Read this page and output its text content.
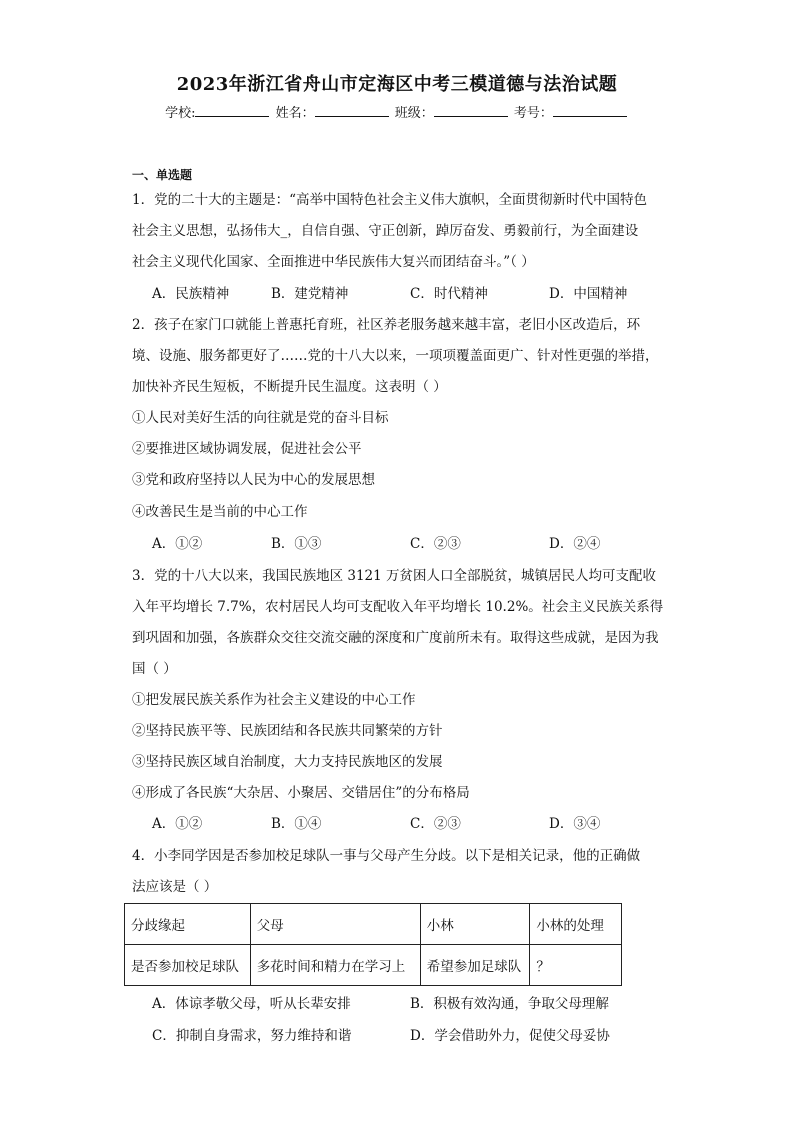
2023年浙江省舟山市定海区中考三模道德与法治试题
学校:	姓名：	班级：	考号：
一、单选题
1．党的二十大的主题是：“高举中国特色社会主义伟大旗帜，全面贯彻新时代中国特色
社会主义思想，弘扬伟大_，自信自强、守正创新，踔厉奋发、勇毅前行，为全面建设
社会主义现代化国家、全面推进中华民族伟大复兴而团结奋斗。”（ ）
A．民族精神	B．建党精神	C．时代精神	D．中国精神
2．孩子在家门口就能上普惠托育班，社区养老服务越来越丰富，老旧小区改造后，环
境、设施、服务都更好了……党的十八大以来，一项项覆盖面更广、针对性更强的举措，
加快补齐民生短板，不断提升民生温度。这表明（ ）
①人民对美好生活的向往就是党的奋斗目标
②要推进区域协调发展，促进社会公平
③党和政府坚持以人民为中心的发展思想
④改善民生是当前的中心工作
A．①②	B．①③	C．②③	D．②④
3．党的十八大以来，我国民族地区 3121 万贫困人口全部脱贫，城镇居民人均可支配收
入年平均增长 7.7%，农村居民人均可支配收入年平均增长 10.2%。社会主义民族关系得
到巩固和加强，各族群众交往交流交融的深度和广度前所未有。取得这些成就，是因为我
国（ ）
①把发展民族关系作为社会主义建设的中心工作
②坚持民族平等、民族团结和各民族共同繁荣的方针
③坚持民族区域自治制度，大力支持民族地区的发展
④形成了各民族“大杂居、小聚居、交错居住”的分布格局
A．①②	B．①④	C．②③	D．③④
4．小李同学因是否参加校足球队一事与父母产生分歧。以下是相关记录，他的正确做
法应该是（ ）
分歧缘起	父母	小林	小林的处理
是否参加校足球队	多花时间和精力在学习上	希望参加足球队	？
A．体谅孝敬父母，听从长辈安排	B．积极有效沟通，争取父母理解
C．抑制自身需求，努力维持和谐	D．学会借助外力，促使父母妥协
